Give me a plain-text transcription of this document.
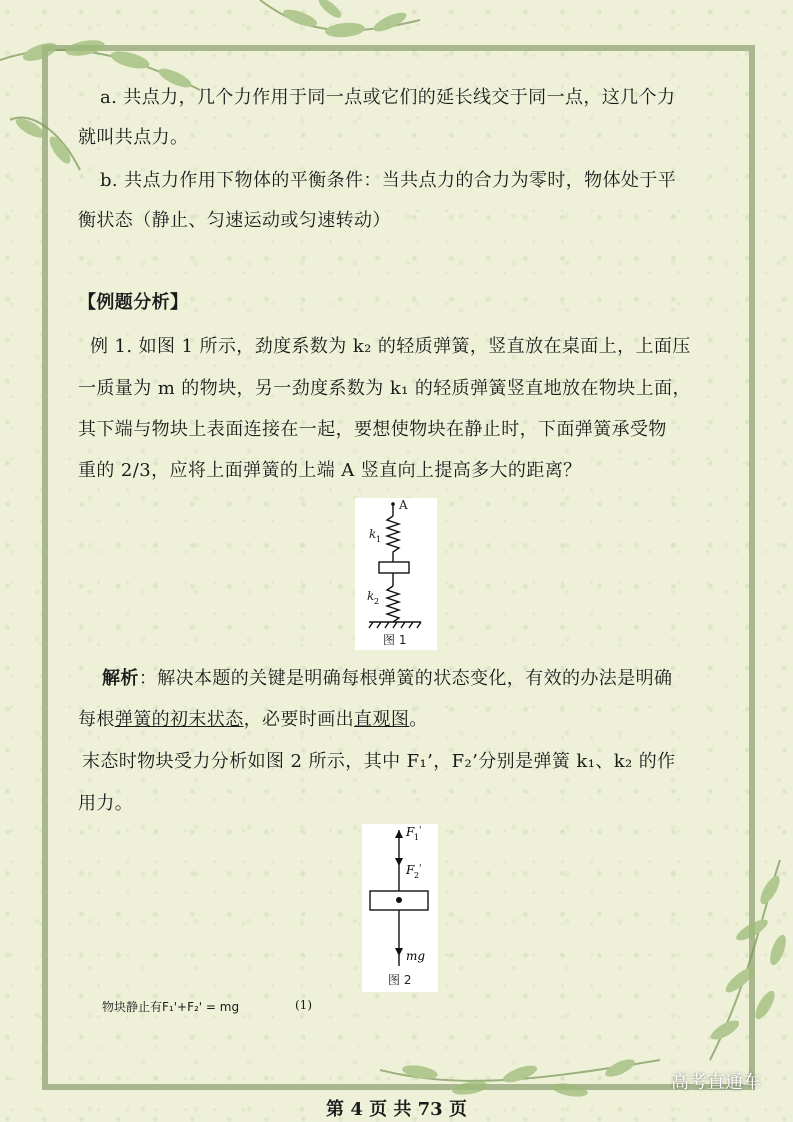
a. 共点力，几个力作用于同一点或它们的延长线交于同一点，这几个力
就叫共点力。
b. 共点力作用下物体的平衡条件：当共点力的合力为零时，物体处于平
衡状态（静止、匀速运动或匀速转动）
【例题分析】
例 1. 如图 1 所示，劲度系数为 k₂ 的轻质弹簧，竖直放在桌面上，上面压
一质量为 m 的物块，另一劲度系数为 k₁ 的轻质弹簧竖直地放在物块上面，
其下端与物块上表面连接在一起，要想使物块在静止时，下面弹簧承受物
重的 2/3，应将上面弹簧的上端 A 竖直向上提高多大的距离？
解析：解决本题的关键是明确每根弹簧的状态变化，有效的办法是明确
每根弹簧的初末状态，必要时画出直观图。
末态时物块受力分析如图 2 所示，其中 F₁’，F₂’分别是弹簧 k₁、k₂ 的作
用力。
A
k 1
k 2
图 1
F 1
'
F 2
'
mg
图 2
物块静止有F₁'+F₂' = mg	(1)
第 4 页 共 73 页
高考直通车
